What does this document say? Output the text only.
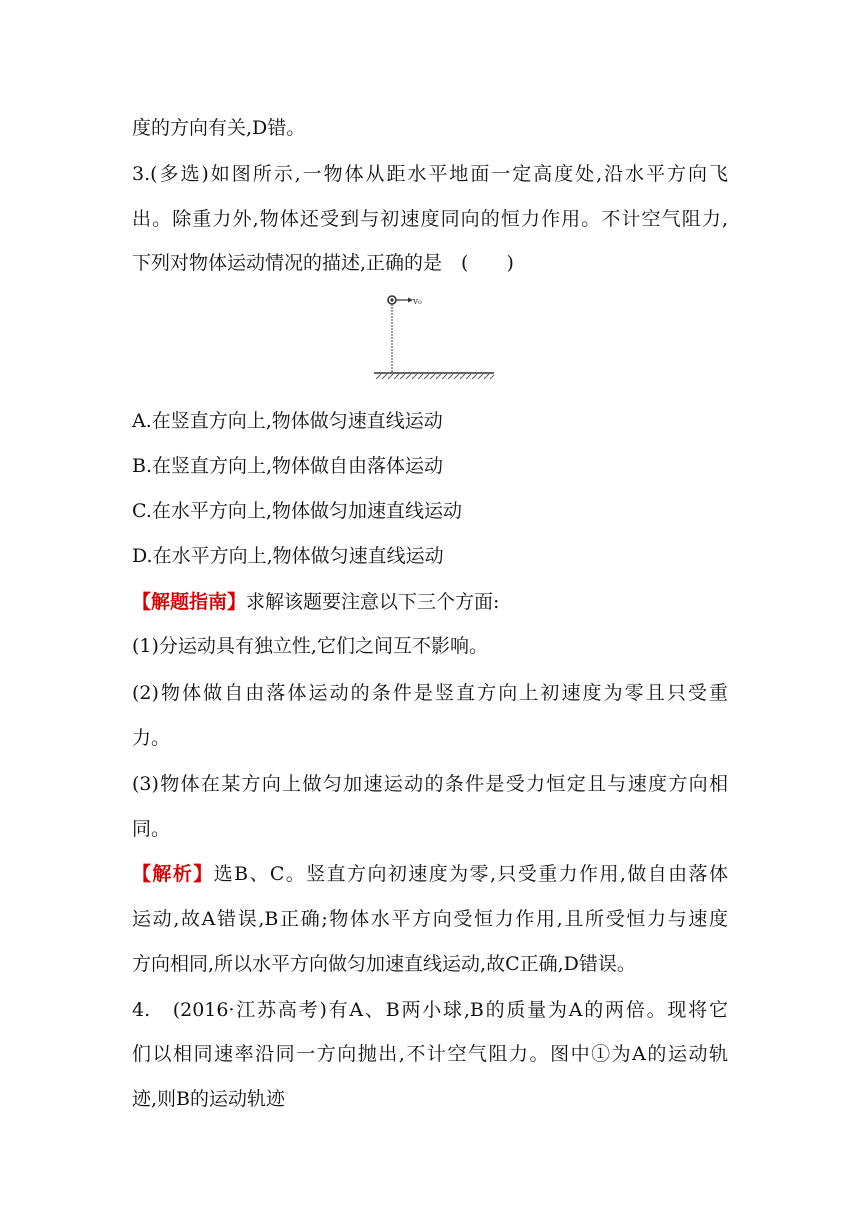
度的方向有关,D错。
3.(多选)如图所示,一物体从距水平地面一定高度处,沿水平方向飞
出。除重力外,物体还受到与初速度同向的恒力作用。不计空气阻力,
下列对物体运动情况的描述,正确的是　(　　)
v₀
A.在竖直方向上,物体做匀速直线运动
B.在竖直方向上,物体做自由落体运动
C.在水平方向上,物体做匀加速直线运动
D.在水平方向上,物体做匀速直线运动
【解题指南】求解该题要注意以下三个方面:
(1)分运动具有独立性,它们之间互不影响。
(2)物体做自由落体运动的条件是竖直方向上初速度为零且只受重
力。
(3)物体在某方向上做匀加速运动的条件是受力恒定且与速度方向相
同。
【解析】选B、C。竖直方向初速度为零,只受重力作用,做自由落体
运动,故A错误,B正确;物体水平方向受恒力作用,且所受恒力与速度
方向相同,所以水平方向做匀加速直线运动,故C正确,D错误。
4.　(2016·江苏高考)有A、B两小球,B的质量为A的两倍。现将它
们以相同速率沿同一方向抛出,不计空气阻力。图中①为A的运动轨
迹,则B的运动轨迹
